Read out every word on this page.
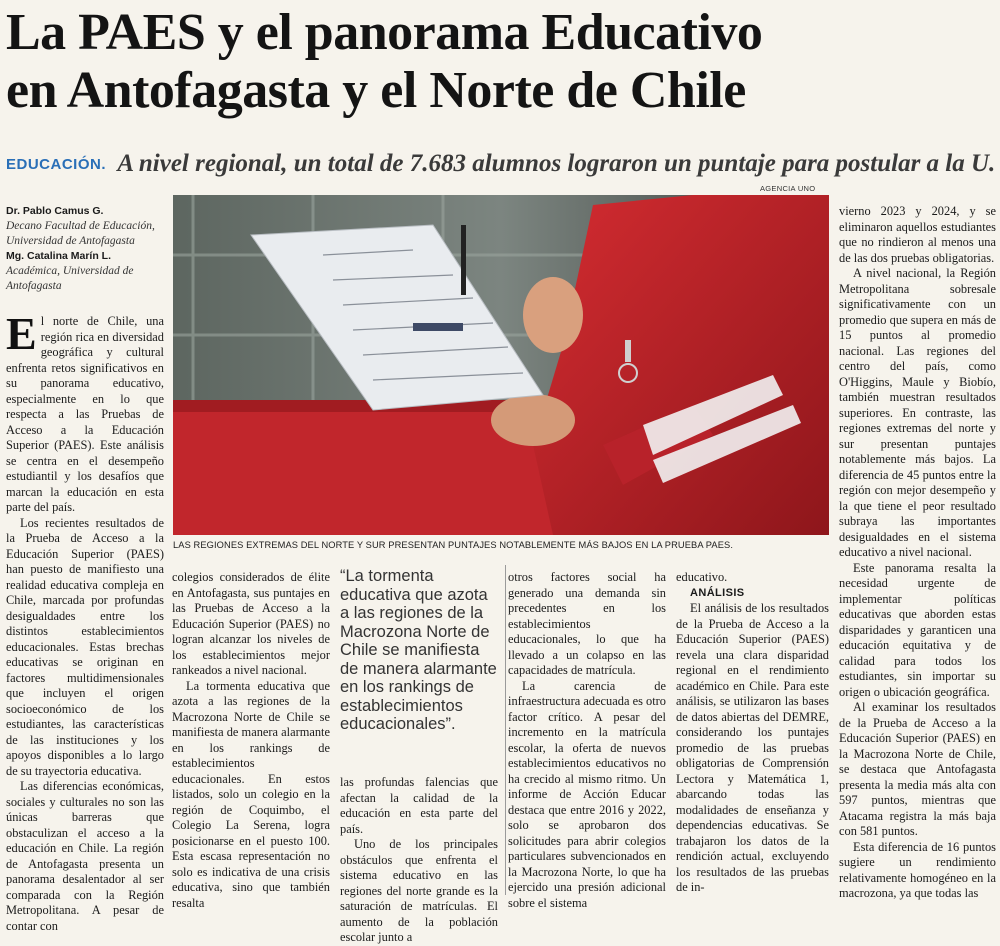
La PAES y el panorama Educativo
en Antofagasta y el Norte de Chile
EDUCACIÓN. A nivel regional, un total de 7.683 alumnos lograron un puntaje para postular a la U.
AGENCIA UNO
LAS REGIONES EXTREMAS DEL NORTE Y SUR PRESENTAN PUNTAJES NOTABLEMENTE MÁS BAJOS EN LA PRUEBA PAES.
Dr. Pablo Camus G.
Decano Facultad de Educación, Universidad de Antofagasta
Mg. Catalina Marín L.
Académica, Universidad de Antofagasta

El norte de Chile, una región rica en diversidad geográfica y cultural enfrenta retos significativos en su panorama educativo, especialmente en lo que respecta a las Pruebas de Acceso a la Educación Superior (PAES). Este análisis se centra en el desempeño estudiantil y los desafíos que marcan la educación en esta parte del país.

Los recientes resultados de la Prueba de Acceso a la Educación Superior (PAES) han puesto de manifiesto una realidad educativa compleja en Chile, marcada por profundas desigualdades entre los distintos establecimientos educacionales. Estas brechas educativas se originan en factores multidimensionales que incluyen el origen socioeconómico de los estudiantes, las características de las instituciones y los apoyos disponibles a lo largo de su trayectoria educativa.

Las diferencias económicas, sociales y culturales no son las únicas barreras que obstaculizan el acceso a la educación en Chile. La región de Antofagasta presenta un panorama desalentador al ser comparada con la Región Metropolitana. A pesar de contar con

colegios considerados de élite en Antofagasta, sus puntajes en las Pruebas de Acceso a la Educación Superior (PAES) no logran alcanzar los niveles de los establecimientos mejor rankeados a nivel nacional.

La tormenta educativa que azota a las regiones de la Macrozona Norte de Chile se manifiesta de manera alarmante en los rankings de establecimientos educacionales. En estos listados, solo un colegio en la región de Coquimbo, el Colegio La Serena, logra posicionarse en el puesto 100. Esta escasa representación no solo es indicativa de una crisis educativa, sino que también resalta

“La tormenta educativa que azota a las regiones de la Macrozona Norte de Chile se manifiesta de manera alarmante en los rankings de establecimientos educacionales”.

las profundas falencias que afectan la calidad de la educación en esta parte del país.

Uno de los principales obstáculos que enfrenta el sistema educativo en las regiones del norte grande es la saturación de matrículas. El aumento de la población escolar junto a

otros factores social ha generado una demanda sin precedentes en los establecimientos educacionales, lo que ha llevado a un colapso en las capacidades de matrícula.

La carencia de infraestructura adecuada es otro factor crítico. A pesar del incremento en la matrícula escolar, la oferta de nuevos establecimientos educativos no ha crecido al mismo ritmo. Un informe de Acción Educar destaca que entre 2016 y 2022, solo se aprobaron dos solicitudes para abrir colegios particulares subvencionados en la Macrozona Norte, lo que ha ejercido una presión adicional sobre el sistema

educativo.

ANÁLISIS

El análisis de los resultados de la Prueba de Acceso a la Educación Superior (PAES) revela una clara disparidad regional en el rendimiento académico en Chile. Para este análisis, se utilizaron las bases de datos abiertas del DEMRE, considerando los puntajes promedio de las pruebas obligatorias de Comprensión Lectora y Matemática 1, abarcando todas las modalidades de enseñanza y dependencias educativas. Se trabajaron los datos de la rendición actual, excluyendo los resultados de las pruebas de in-

vierno 2023 y 2024, y se eliminaron aquellos estudiantes que no rindieron al menos una de las dos pruebas obligatorias.

A nivel nacional, la Región Metropolitana sobresale significativamente con un promedio que supera en más de 15 puntos al promedio nacional. Las regiones del centro del país, como O'Higgins, Maule y Biobío, también muestran resultados superiores. En contraste, las regiones extremas del norte y sur presentan puntajes notablemente más bajos. La diferencia de 45 puntos entre la región con mejor desempeño y la que tiene el peor resultado subraya las importantes desigualdades en el sistema educativo a nivel nacional.

Este panorama resalta la necesidad urgente de implementar políticas educativas que aborden estas disparidades y garanticen una educación equitativa y de calidad para todos los estudiantes, sin importar su origen o ubicación geográfica.

Al examinar los resultados de la Prueba de Acceso a la Educación Superior (PAES) en la Macrozona Norte de Chile, se destaca que Antofagasta presenta la media más alta con 597 puntos, mientras que Atacama registra la más baja con 581 puntos.

Esta diferencia de 16 puntos sugiere un rendimiento relativamente homogéneo en la macrozona, ya que todas las
